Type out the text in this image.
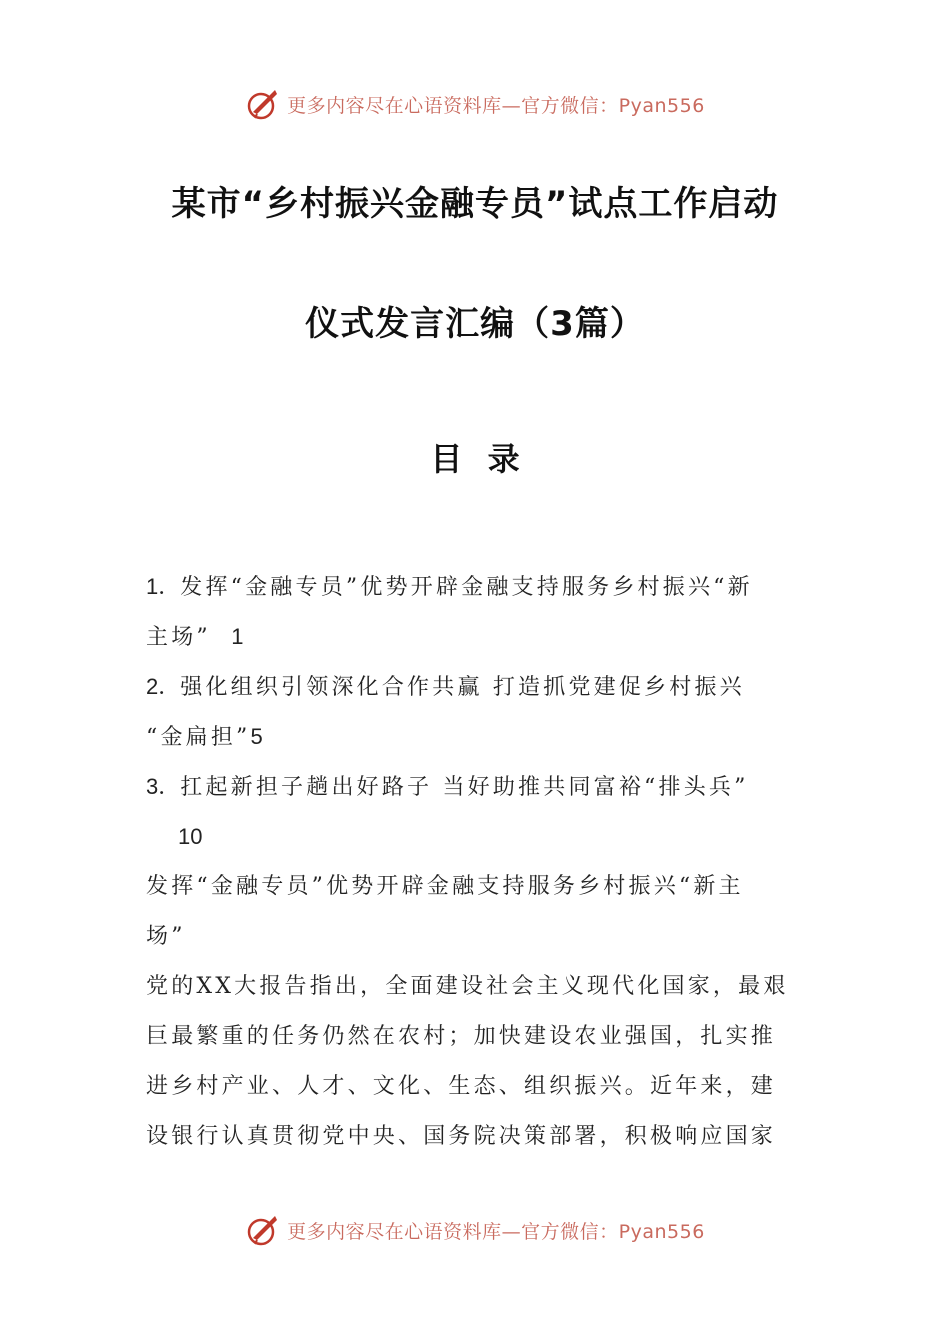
更多内容尽在心语资料库—官方微信：Pyan556
某市“乡村振兴金融专员”试点工作启动
仪式发言汇编（3篇）
目 录
1．发挥“金融专员”优势开辟金融支持服务乡村振兴“新
主场” 1
2．强化组织引领深化合作共赢 打造抓党建促乡村振兴
“金扁担”5
3．扛起新担子趟出好路子 当好助推共同富裕“排头兵”
10
发挥“金融专员”优势开辟金融支持服务乡村振兴“新主
场”
党的XX大报告指出，全面建设社会主义现代化国家，最艰
巨最繁重的任务仍然在农村；加快建设农业强国，扎实推
进乡村产业、人才、文化、生态、组织振兴。近年来，建
设银行认真贯彻党中央、国务院决策部署，积极响应国家
更多内容尽在心语资料库—官方微信：Pyan556
